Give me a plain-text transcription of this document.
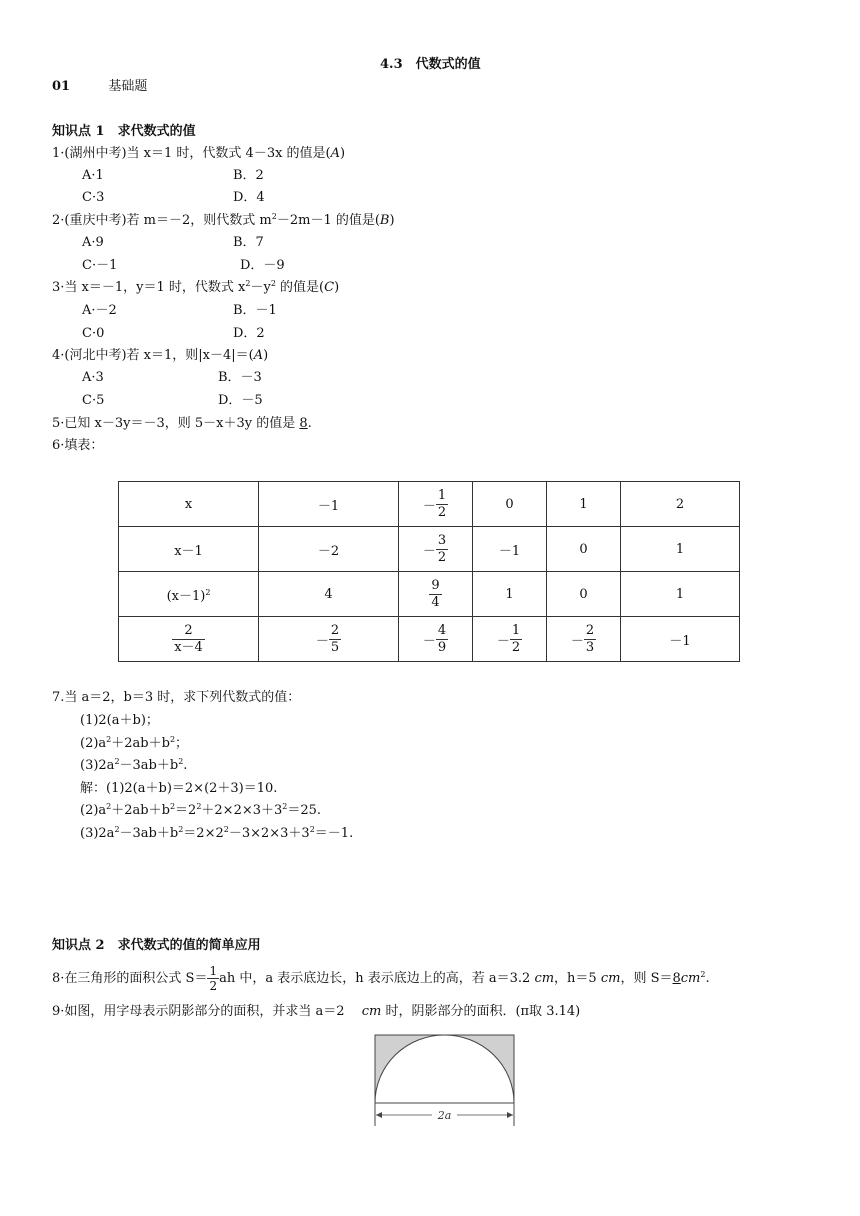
4.3　代数式的值
01	基础题
知识点 1　求代数式的值
1·(湖州中考)当 x＝1 时，代数式 4－3x 的值是(A)
A·1	B．2
C·3	D．4
2·(重庆中考)若 m＝－2，则代数式 $m^2-2m-1$ 的值是(B)
A·9	B．7
C·－1	D．－9
3·当 x＝－1，y＝1 时，代数式 $x^2-y^2$ 的值是(C)
A·－2	B．－1
C·0	D．2
4·(河北中考)若 x＝1，则|x－4|＝(A)
A·3	B．－3
C·5	D．－5
5·已知 x－3y＝－3，则 5－x＋3y 的值是 8.
6·填表：
x	－1	－ $\frac{1}{2}$	0	1	2
x－1	－2	－ $\frac{3}{2}$	－1	0	1
$(x-1)^2$	4	$\frac{9}{4}$	1	0	1

$\frac{2}{x-4}$	－ $\frac{2}{5}$	－ $\frac{4}{9}$	－ $\frac{1}{2}$	－ $\frac{2}{3}$	－1
7.当 a＝2，b＝3 时，求下列代数式的值：
(1)2(a＋b)；
$(2)a^2+2ab+b^2$；
$(3)2a^2-3ab+b^2$.
解：(1)2(a＋b)＝2×(2＋3)＝10.
$(2)a^2+2ab+b^2=2^2+2\times 2\times 3+3^2=25$.
$(3)2a^2-3ab+b^2=2\times 2^2-3\times 2\times 3+3^2=-1$.
知识点 2　求代数式的值的简单应用
8·在三角形的面积公式 $S= \frac{1}{2}$ ah 中，a 表示底边长，h 表示底边上的高，若 a＝3.2 cm，h＝5 cm，则 $S=8cm^2$.
9·如图，用字母表示阴影部分的面积，并求当 a＝2　 cm 时，阴影部分的面积．(π取 3.14)
2a
